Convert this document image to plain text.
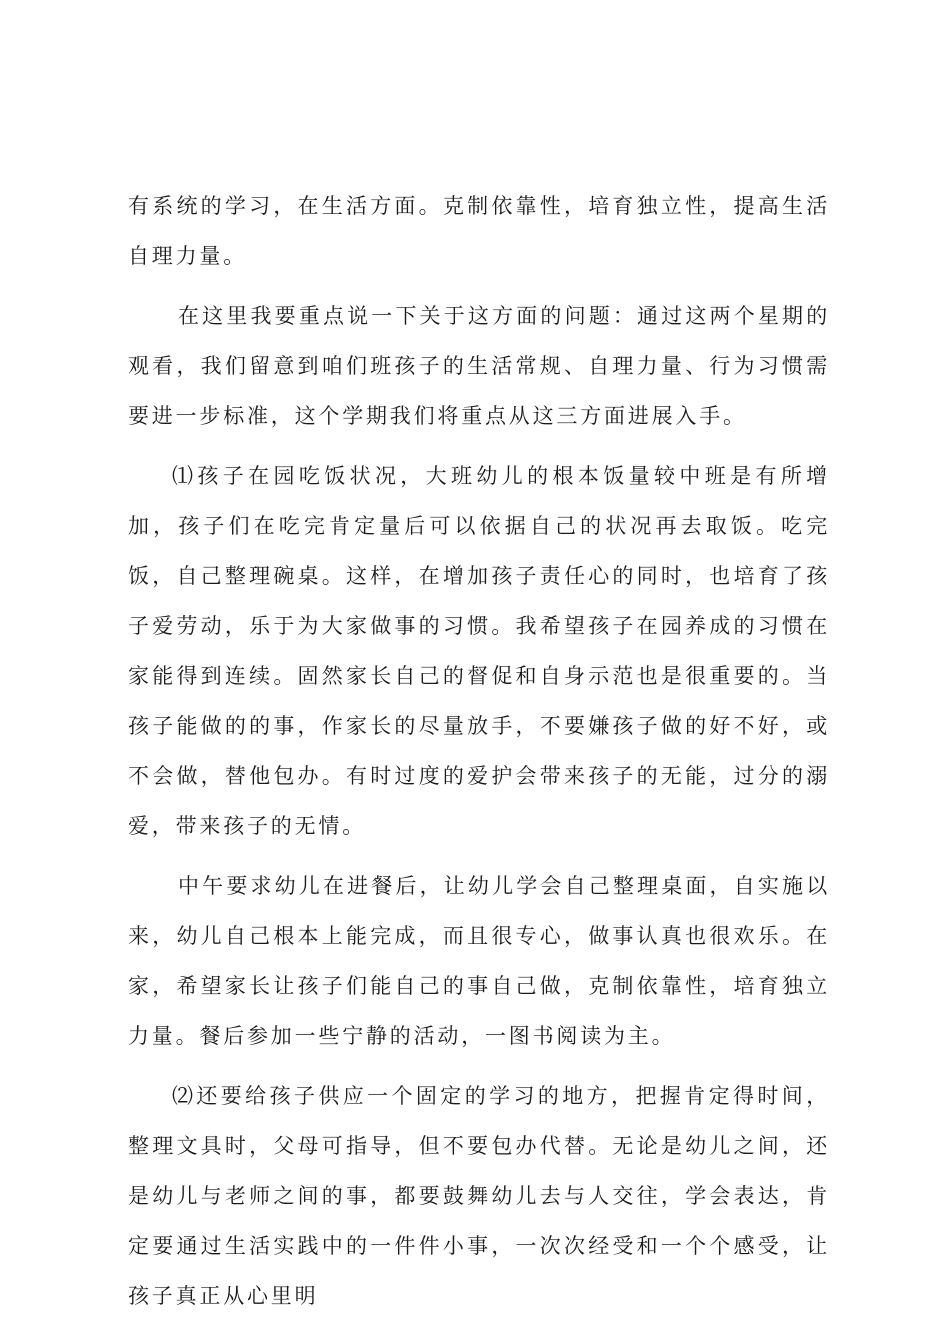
有系统的学习，在生活方面。克制依靠性，培育独立性，提高生活自理力量。

在这里我要重点说一下关于这方面的问题：通过这两个星期的观看，我们留意到咱们班孩子的生活常规、自理力量、行为习惯需要进一步标准，这个学期我们将重点从这三方面进展入手。

⑴孩子在园吃饭状况，大班幼儿的根本饭量较中班是有所增加，孩子们在吃完肯定量后可以依据自己的状况再去取饭。吃完饭，自己整理碗桌。这样，在增加孩子责任心的同时，也培育了孩子爱劳动，乐于为大家做事的习惯。我希望孩子在园养成的习惯在家能得到连续。固然家长自己的督促和自身示范也是很重要的。当孩子能做的的事，作家长的尽量放手，不要嫌孩子做的好不好，或不会做，替他包办。有时过度的爱护会带来孩子的无能，过分的溺爱，带来孩子的无情。

中午要求幼儿在进餐后，让幼儿学会自己整理桌面，自实施以来，幼儿自己根本上能完成，而且很专心，做事认真也很欢乐。在家，希望家长让孩子们能自己的事自己做，克制依靠性，培育独立力量。餐后参加一些宁静的活动，一图书阅读为主。

⑵还要给孩子供应一个固定的学习的地方，把握肯定得时间，整理文具时，父母可指导，但不要包办代替。无论是幼儿之间，还是幼儿与老师之间的事，都要鼓舞幼儿去与人交往，学会表达，肯定要通过生活实践中的一件件小事，一次次经受和一个个感受，让孩子真正从心里明
